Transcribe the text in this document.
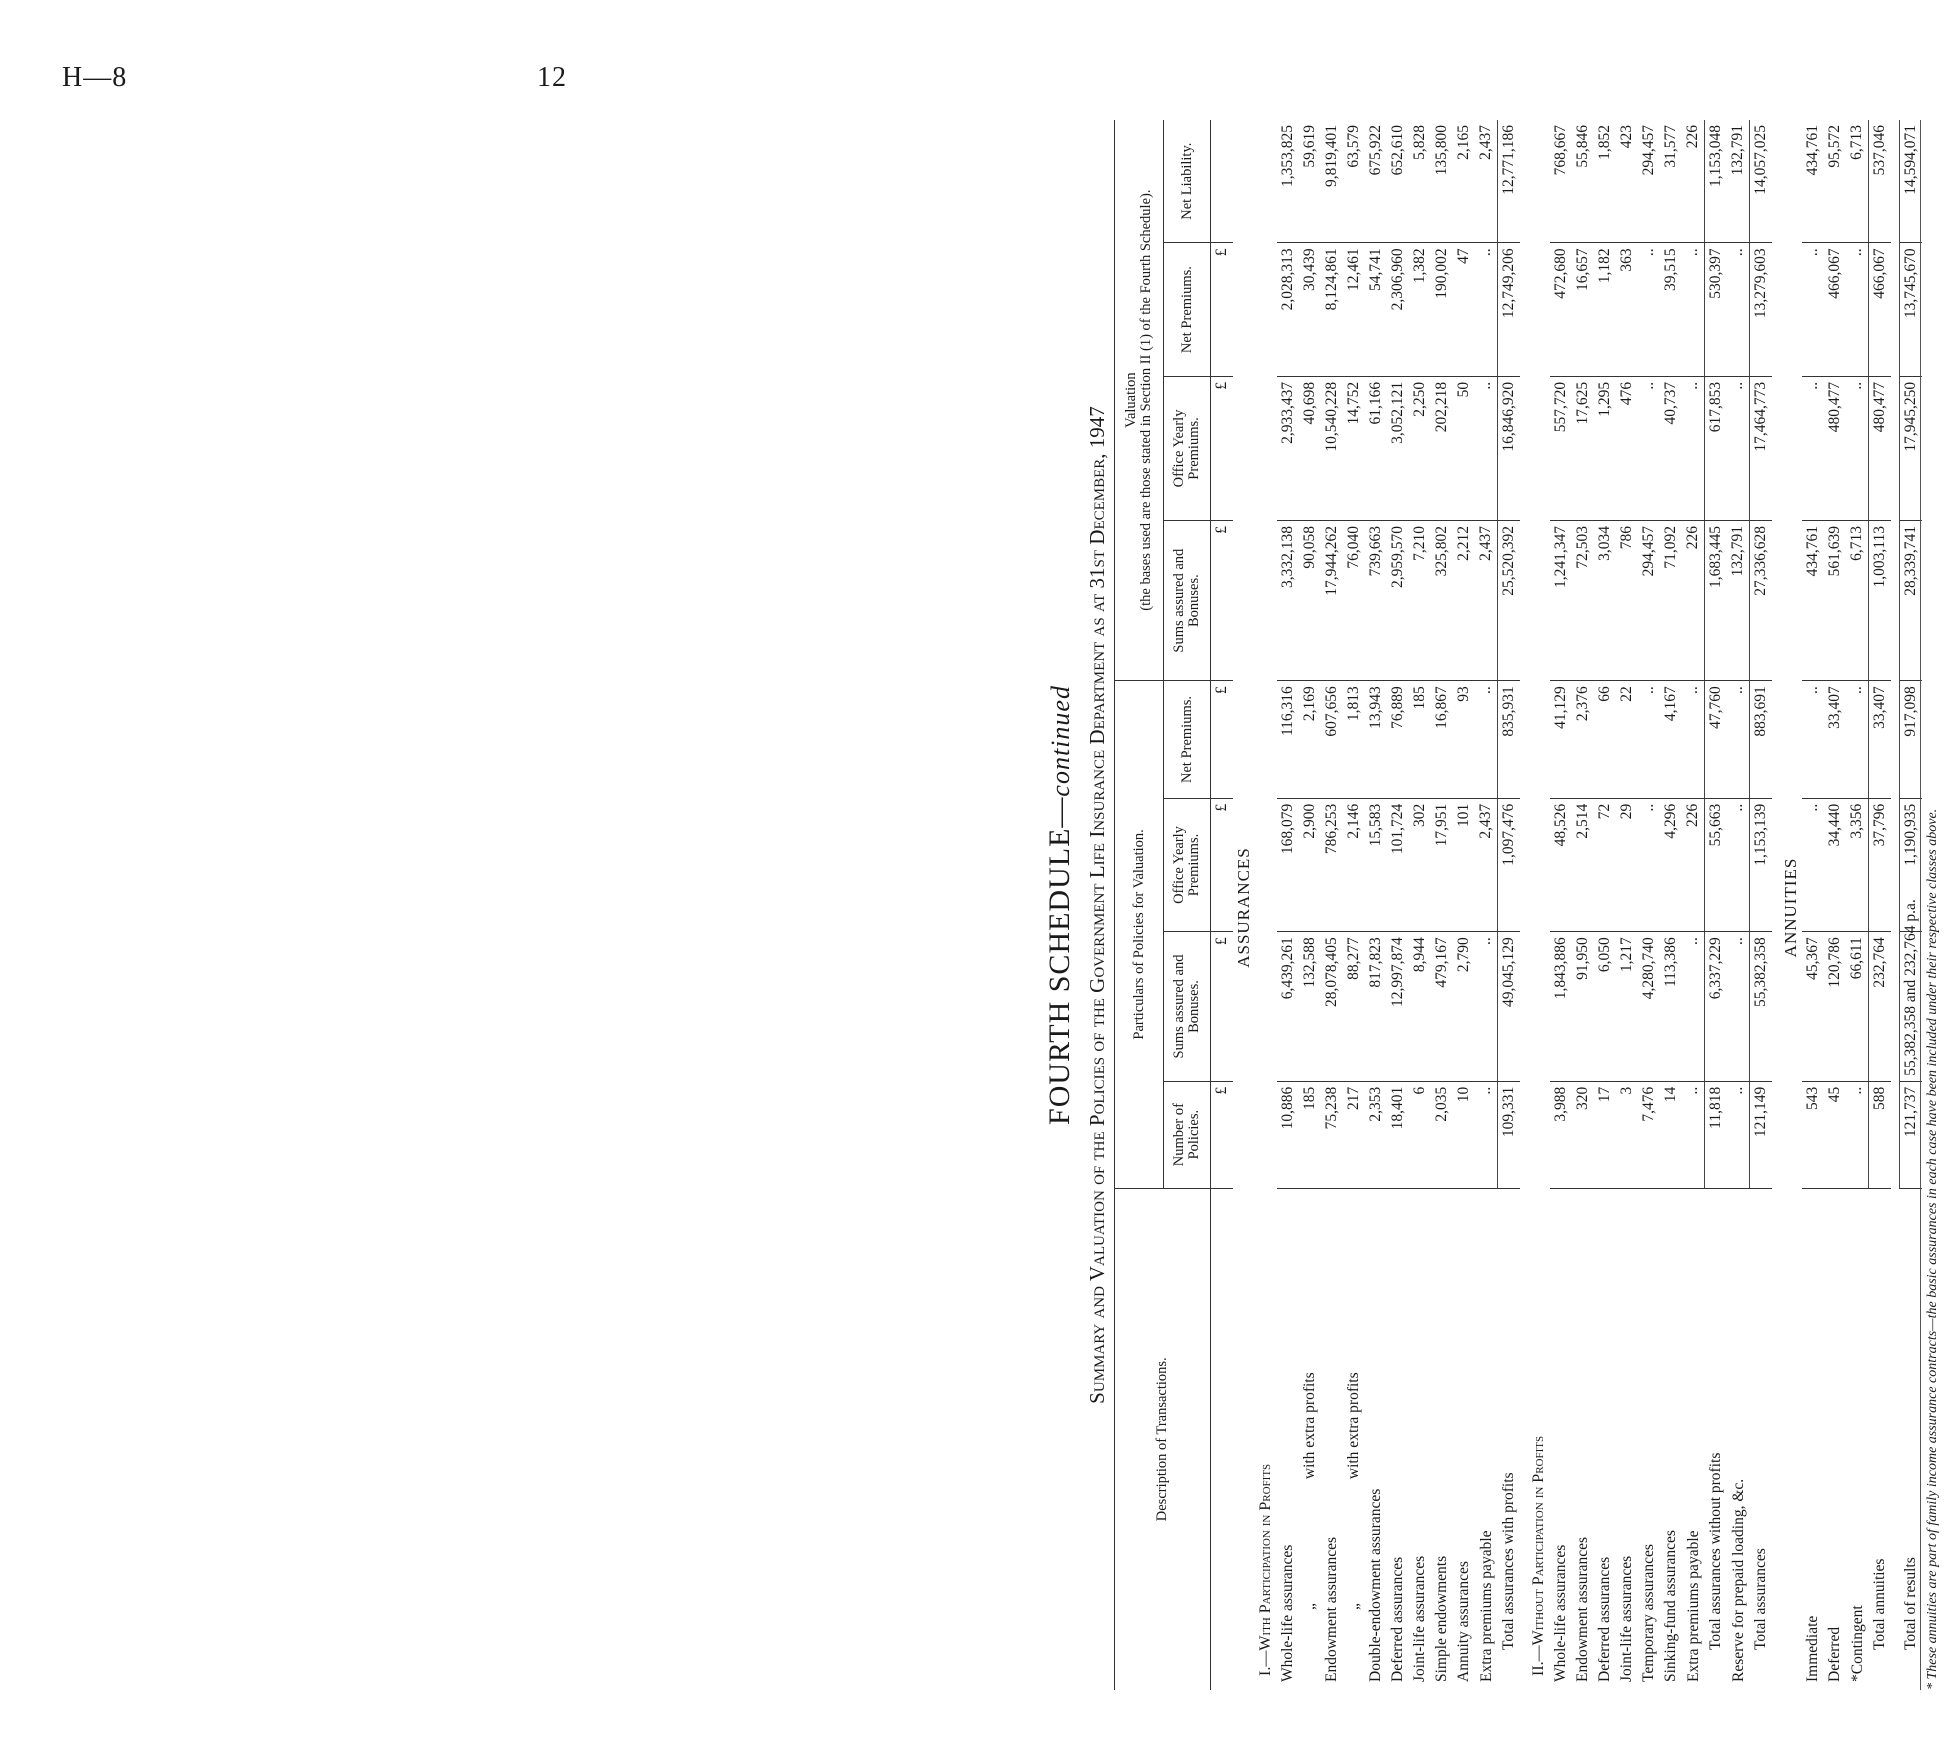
H—8	12
FOURTH SCHEDULE—continued Summary and Valuation of the Policies of the Government Life Insurance Department as at 31st December, 1947
Description of Transactions.	Particulars of Policies for Valuation.				Valuation
(the bases used are those stated in Section II (1) of the Fourth Schedule).			
	Number of Policies.	Sums assured and Bonuses.	Office Yearly Premiums.	Net Premiums.	Sums assured and Bonuses.	Office Yearly Premiums.	Net Premiums.	Net Liability.
	£	£	£	£	£	£	£	
ASSURANCES								
I.—With Participation in Profits								
Whole-life assurances	10,886	6,439,261	168,079	116,316	3,332,138	2,933,437	2,028,313	1,353,825
„        with extra profits	185	132,588	2,900	2,169	90,058	40,698	30,439	59,619
Endowment assurances	75,238	28,078,405	786,253	607,656	17,944,262	10,540,228	8,124,861	9,819,401
„        with extra profits	217	88,277	2,146	1,813	76,040	14,752	12,461	63,579
Double-endowment assurances	2,353	817,823	15,583	13,943	739,663	61,166	54,741	675,922
Deferred assurances	18,401	12,997,874	101,724	76,889	2,959,570	3,052,121	2,306,960	652,610
Joint-life assurances	6	8,944	302	185	7,210	2,250	1,382	5,828
Simple endowments	2,035	479,167	17,951	16,867	325,802	202,218	190,002	135,800
Annuity assurances	10	2,790	101	93	2,212	50	47	2,165
Extra premiums payable	..	..	2,437	..	2,437	..	..	2,437
Total assurances with profits	109,331	49,045,129	1,097,476	835,931	25,520,392	16,846,920	12,749,206	12,771,186

II.—Without Participation in Profits								
Whole-life assurances	3,988	1,843,886	48,526	41,129	1,241,347	557,720	472,680	768,667
Endowment assurances	320	91,950	2,514	2,376	72,503	17,625	16,657	55,846
Deferred assurances	17	6,050	72	66	3,034	1,295	1,182	1,852
Joint-life assurances	3	1,217	29	22	786	476	363	423
Temporary assurances	7,476	4,280,740	..	..	294,457	..	..	294,457
Sinking-fund assurances	14	113,386	4,296	4,167	71,092	40,737	39,515	31,577
Extra premiums payable	..	..	226	..	226	..	..	226
Total assurances without profits	11,818	6,337,229	55,663	47,760	1,683,445	617,853	530,397	1,153,048
Reserve for prepaid loading, &c.	..	..	..	..	132,791	..	..	132,791
Total assurances	121,149	55,382,358	1,153,139	883,691	27,336,628	17,464,773	13,279,603	14,057,025

ANNUITIES								
Immediate	543	45,367	..	..	434,761	..	..	434,761
Deferred	45	120,786	34,440	33,407	561,639	480,477	466,067	95,572
*Contingent	..	66,611	3,356	..	6,713	..	..	6,713
Total annuities	588	232,764	37,796	33,407	1,003,113	480,477	466,067	537,046

Total of results	121,737	55,382,358 and 232,764 p.a.	1,190,935	917,098	28,339,741	17,945,250	13,745,670	14,594,071
* These annuities are part of family income assurance contracts—the basic assurances in each case have been included under their respective classes above.
